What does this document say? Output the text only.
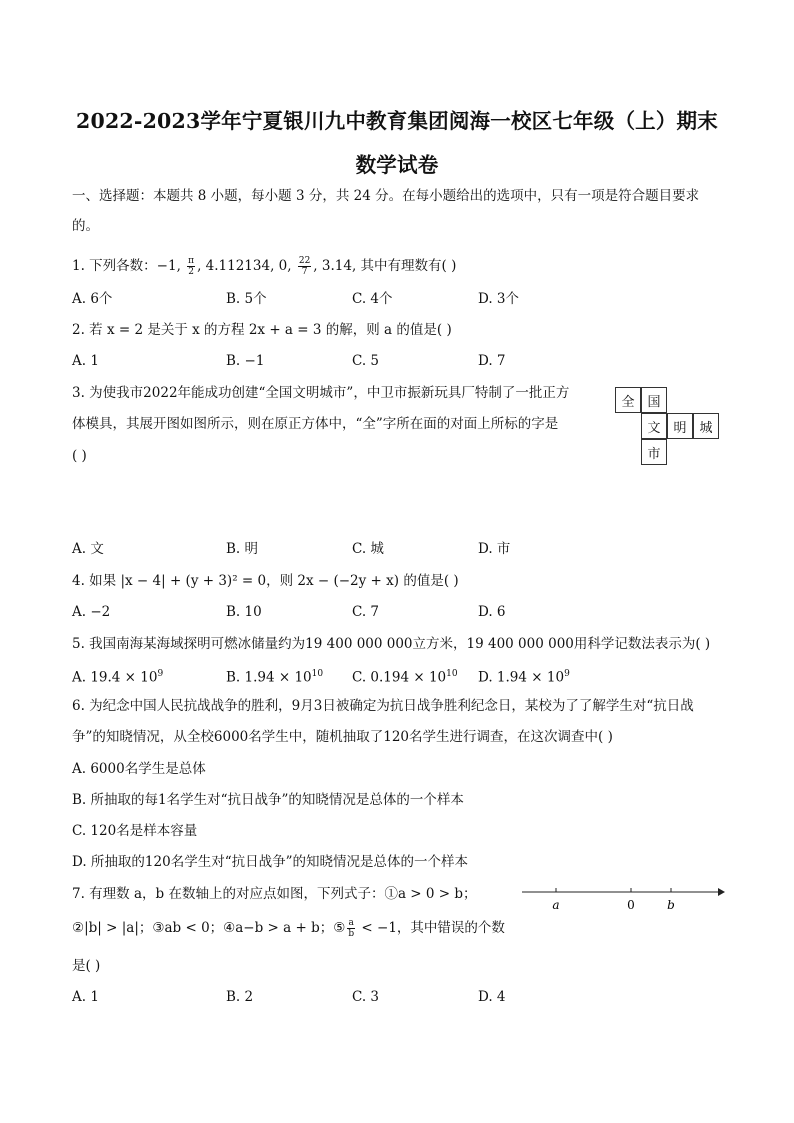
2022-2023学年宁夏银川九中教育集团阅海一校区七年级（上）期末
数学试卷
一、选择题：本题共 8 小题，每小题 3 分，共 24 分。在每小题给出的选项中，只有一项是符合题目要求
的。
1. 下列各数：−1, $\frac{\pi}{2}$ , 4.112134, 0, $\frac{22}{7}$ , 3.14, 其中有理数有( )
A. 6个	B. 5个	C. 4个	D. 3个
2. 若 x = 2 是关于 x 的方程 2x + a = 3 的解，则 a 的值是( )
A. 1	B. −1	C. 5	D. 7
3. 为使我市2022年能成功创建“全国文明城市”，中卫市振新玩具厂特制了一批正方
体模具，其展开图如图所示，则在原正方体中，“全”字所在面的对面上所标的字是
( )
全 国
文 明 城
市
A. 文	B. 明	C. 城	D. 市
4. 如果 |x − 4| + (y + 3)² = 0，则 2x − (−2y + x) 的值是( )
A. −2	B. 10	C. 7	D. 6
5. 我国南海某海域探明可燃冰储量约为19 400 000 000立方米，19 400 000 000用科学记数法表示为( )
A. $19.4 \times 10^9$	B. $1.94 \times 10^{10}$ C. $0.194 \times 10^{10}$ D. $1.94 \times 10^9$
6. 为纪念中国人民抗战战争的胜利，9月3日被确定为抗日战争胜利纪念日，某校为了了解学生对“抗日战
争”的知晓情况，从全校6000名学生中，随机抽取了120名学生进行调查，在这次调查中( )
A. 6000名学生是总体
B. 所抽取的每1名学生对“抗日战争”的知晓情况是总体的一个样本
C. 120名是样本容量
D. 所抽取的120名学生对“抗日战争”的知晓情况是总体的一个样本
7. 有理数 a，b 在数轴上的对应点如图，下列式子：①a > 0 > b；
②|b| > |a|；③ab < 0；④a−b > a + b；⑤ $\frac{a}{b} < -1$，其中错误的个数
是( )
a	0	b
A. 1	B. 2	C. 3	D. 4
